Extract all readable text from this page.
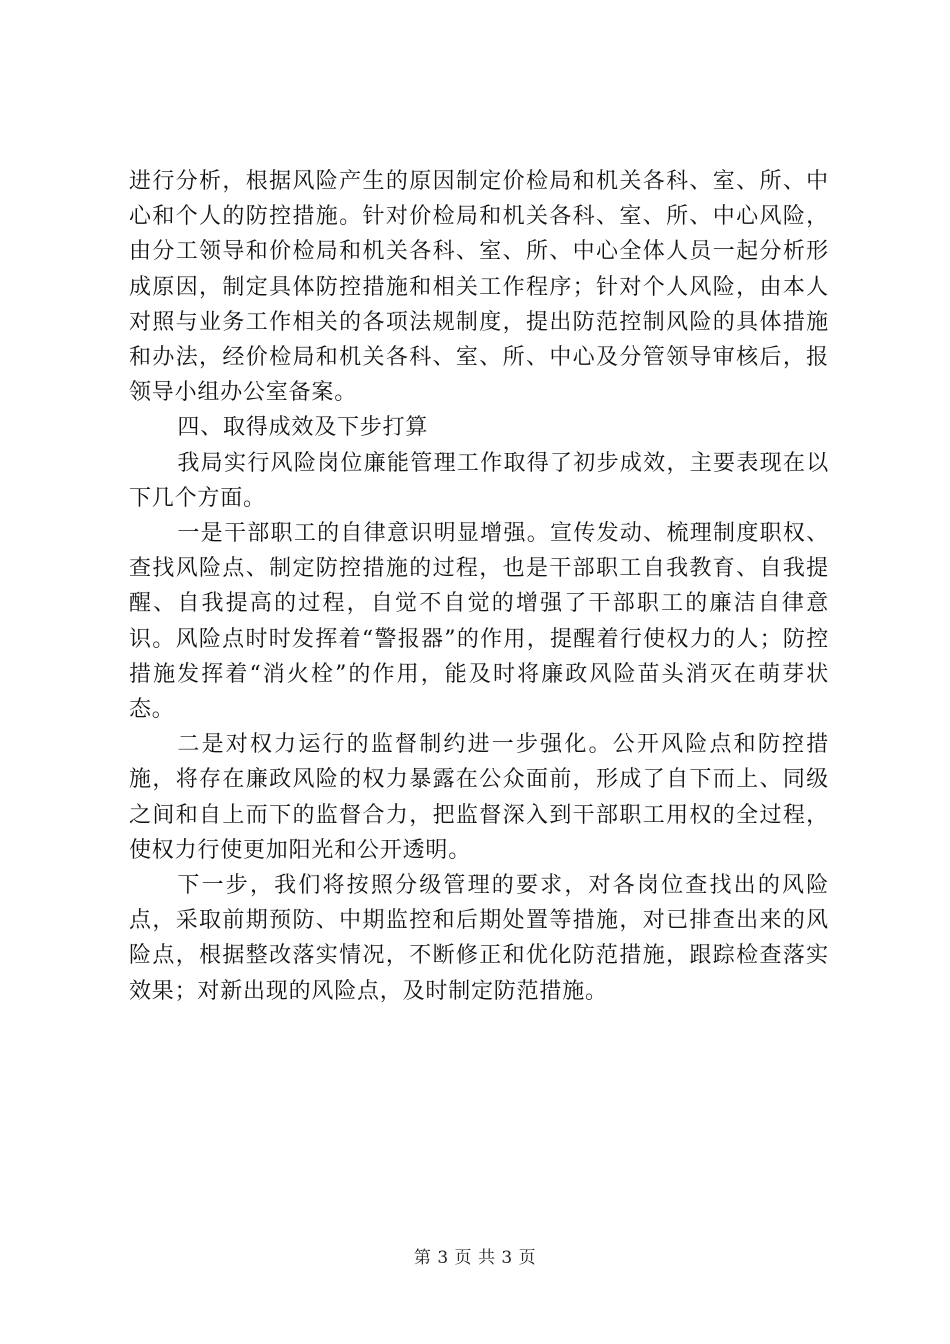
进行分析，根据风险产生的原因制定价检局和机关各科、室、所、中心和个人的防控措施。针对价检局和机关各科、室、所、中心风险，由分工领导和价检局和机关各科、室、所、中心全体人员一起分析形成原因，制定具体防控措施和相关工作程序；针对个人风险，由本人对照与业务工作相关的各项法规制度，提出防范控制风险的具体措施和办法，经价检局和机关各科、室、所、中心及分管领导审核后，报领导小组办公室备案。

四、取得成效及下步打算

我局实行风险岗位廉能管理工作取得了初步成效，主要表现在以下几个方面。

一是干部职工的自律意识明显增强。宣传发动、梳理制度职权、查找风险点、制定防控措施的过程，也是干部职工自我教育、自我提醒、自我提高的过程，自觉不自觉的增强了干部职工的廉洁自律意识。风险点时时发挥着“警报器”的作用，提醒着行使权力的人；防控措施发挥着“消火栓”的作用，能及时将廉政风险苗头消灭在萌芽状态。

二是对权力运行的监督制约进一步强化。公开风险点和防控措施，将存在廉政风险的权力暴露在公众面前，形成了自下而上、同级之间和自上而下的监督合力，把监督深入到干部职工用权的全过程，使权力行使更加阳光和公开透明。

下一步，我们将按照分级管理的要求，对各岗位查找出的风险点，采取前期预防、中期监控和后期处置等措施，对已排查出来的风险点，根据整改落实情况，不断修正和优化防范措施，跟踪检查落实效果；对新出现的风险点，及时制定防范措施。

第 3 页 共 3 页
